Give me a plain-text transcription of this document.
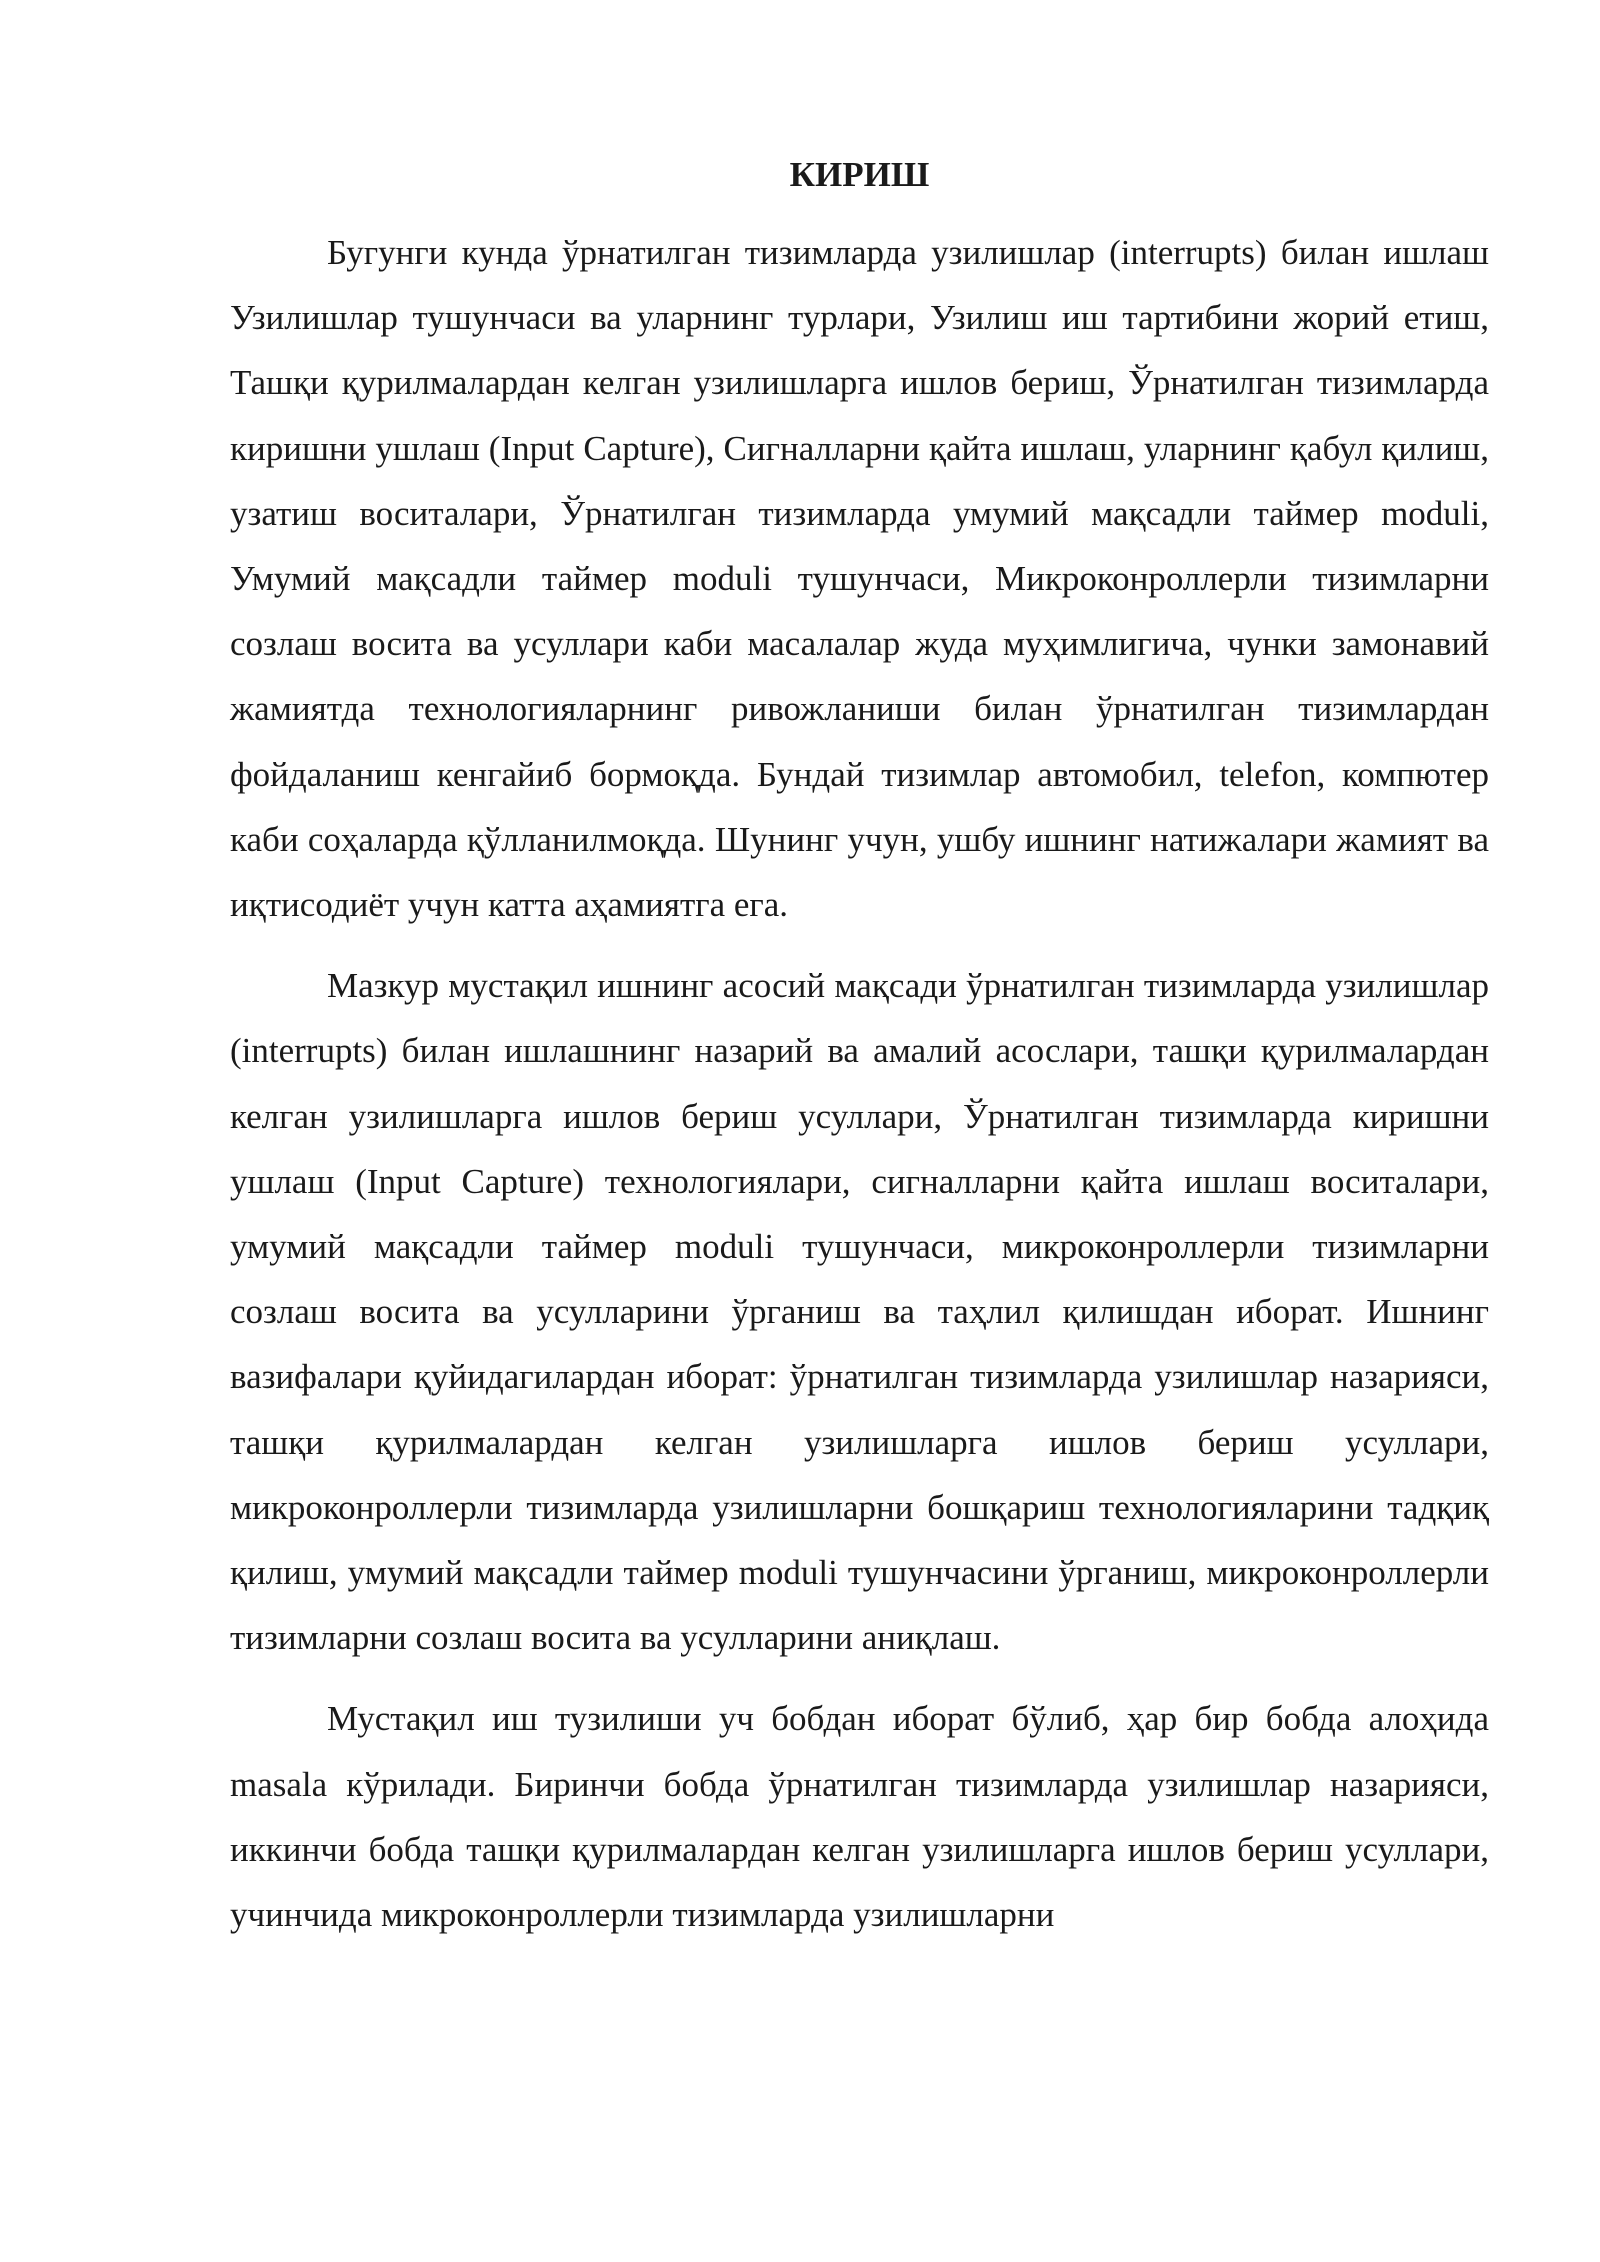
КИРИШ

Бугунги кунда ўрнатилган тизимларда узилишлар (interrupts) билан ишлаш Узилишлар тушунчаси ва уларнинг турлари, Узилиш иш тартибини жорий етиш, Ташқи қурилмалардан келган узилишларга ишлов бериш, Ўрнатилган тизимларда киришни ушлаш (Input Capture), Сигналларни қайта ишлаш, уларнинг қабул қилиш, узатиш воситалари, Ўрнатилган тизимларда умумий мақсадли таймер moduli, Умумий мақсадли таймер moduli тушунчаси, Микроконроллерли тизимларни созлаш восита ва усуллари каби масалалар жуда муҳимлигича, чунки замонавий жамиятда технологияларнинг ривожланиши билан ўрнатилган тизимлардан фойдаланиш кенгайиб бормоқда. Бундай тизимлар автомобил, telefon, компютер каби соҳаларда қўлланилмоқда. Шунинг учун, ушбу ишнинг натижалари жамият ва иқтисодиёт учун катта аҳамиятга ега.

Мазкур мустақил ишнинг асосий мақсади ўрнатилган тизимларда узилишлар (interrupts) билан ишлашнинг назарий ва амалий асослари, ташқи қурилмалардан келган узилишларга ишлов бериш усуллари, Ўрнатилган тизимларда киришни ушлаш (Input Capture) технологиялари, сигналларни қайта ишлаш воситалари, умумий мақсадли таймер moduli тушунчаси, микроконроллерли тизимларни созлаш восита ва усулларини ўрганиш ва таҳлил қилишдан иборат. Ишнинг вазифалари қуйидагилардан иборат: ўрнатилган тизимларда узилишлар назарияси, ташқи қурилмалардан келган узилишларга ишлов бериш усуллари, микроконроллерли тизимларда узилишларни бошқариш технологияларини тадқиқ қилиш, умумий мақсадли таймер moduli тушунчасини ўрганиш, микроконроллерли тизимларни созлаш восита ва усулларини аниқлаш.

Мустақил иш тузилиши уч бобдан иборат бўлиб, ҳар бир бобда алоҳида masala кўрилади. Биринчи бобда ўрнатилган тизимларда узилишлар назарияси, иккинчи бобда ташқи қурилмалардан келган узилишларга ишлов бериш усуллари, учинчида микроконроллерли тизимларда узилишларни
